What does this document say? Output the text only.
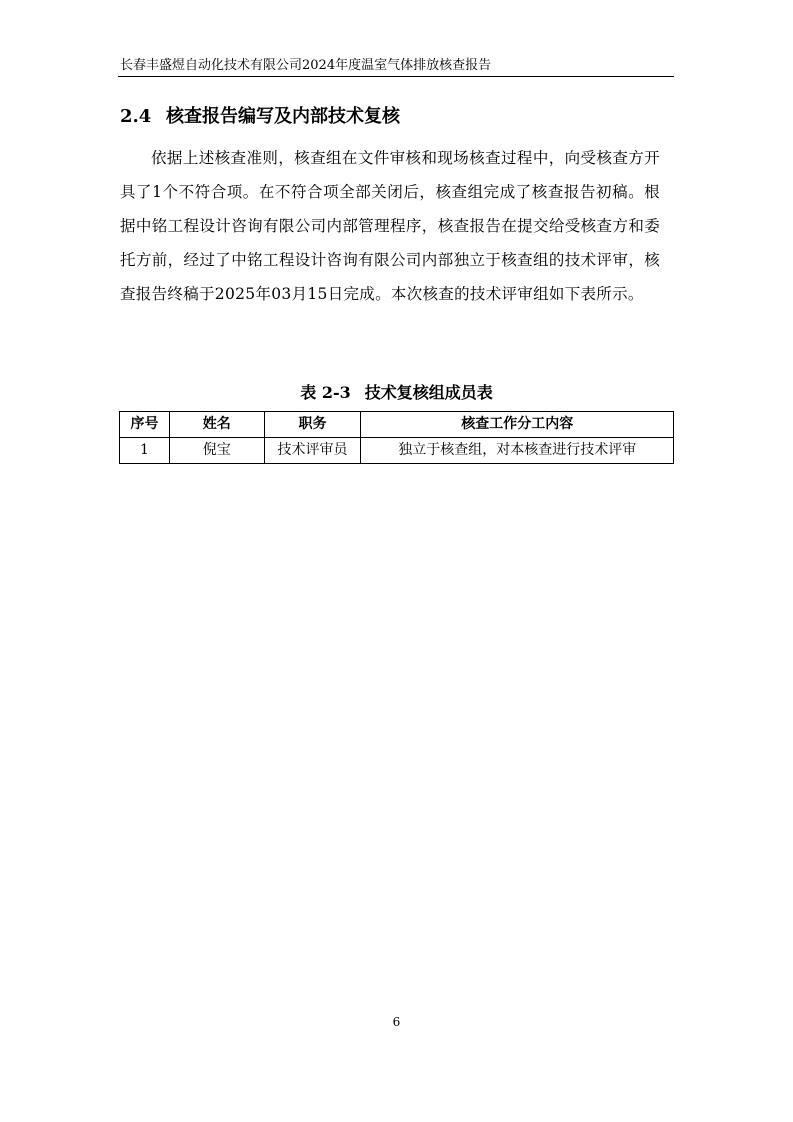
长春丰盛煜自动化技术有限公司2024年度温室气体排放核查报告
2.4 核查报告编写及内部技术复核

依据上述核查准则，核查组在文件审核和现场核查过程中，向受核查方开具了1个不符合项。在不符合项全部关闭后，核查组完成了核查报告初稿。根据中铭工程设计咨询有限公司内部管理程序，核查报告在提交给受核查方和委托方前，经过了中铭工程设计咨询有限公司内部独立于核查组的技术评审，核查报告终稿于2025年03月15日完成。本次核查的技术评审组如下表所示。

表 2-3 技术复核组成员表
序号	姓名	职务	核查工作分工内容
1	倪宝	技术评审员	独立于核查组，对本核查进行技术评审
6
